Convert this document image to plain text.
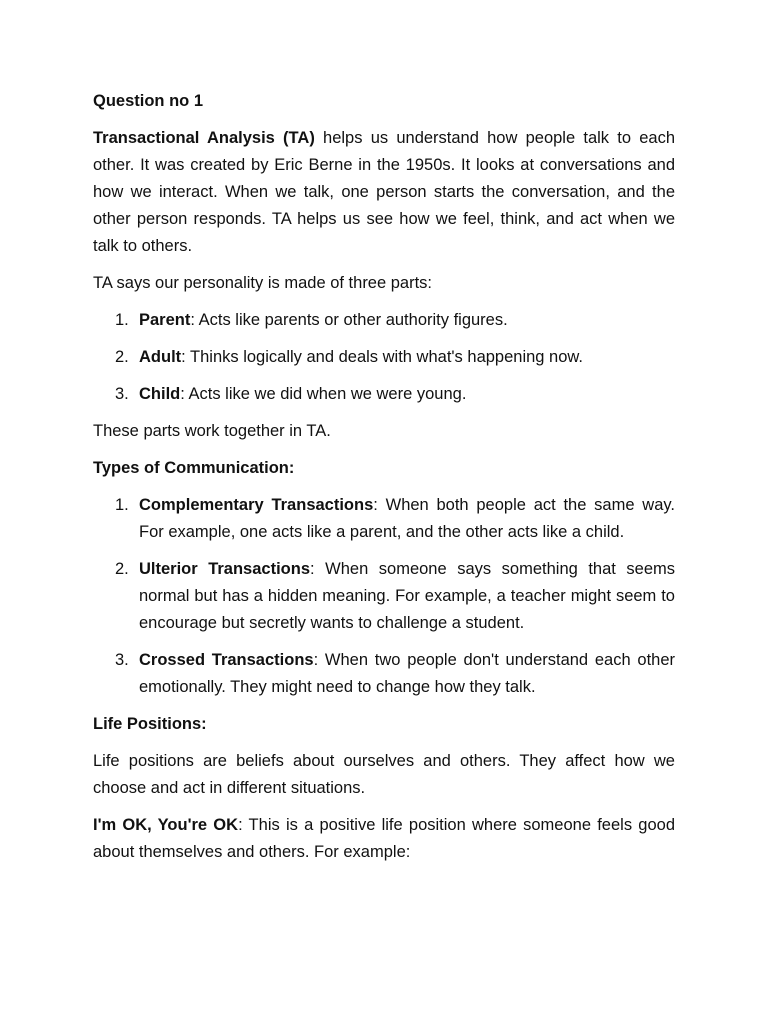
Question no 1

Transactional Analysis (TA) helps us understand how people talk to each other. It was created by Eric Berne in the 1950s. It looks at conversations and how we interact. When we talk, one person starts the conversation, and the other person responds. TA helps us see how we feel, think, and act when we talk to others.

TA says our personality is made of three parts:

1. Parent: Acts like parents or other authority figures.
2. Adult: Thinks logically and deals with what's happening now.
3. Child: Acts like we did when we were young.

These parts work together in TA.

Types of Communication:

1. Complementary Transactions: When both people act the same way. For example, one acts like a parent, and the other acts like a child.
2. Ulterior Transactions: When someone says something that seems normal but has a hidden meaning. For example, a teacher might seem to encourage but secretly wants to challenge a student.
3. Crossed Transactions: When two people don't understand each other emotionally. They might need to change how they talk.

Life Positions:

Life positions are beliefs about ourselves and others. They affect how we choose and act in different situations.

I'm OK, You're OK: This is a positive life position where someone feels good about themselves and others. For example:
